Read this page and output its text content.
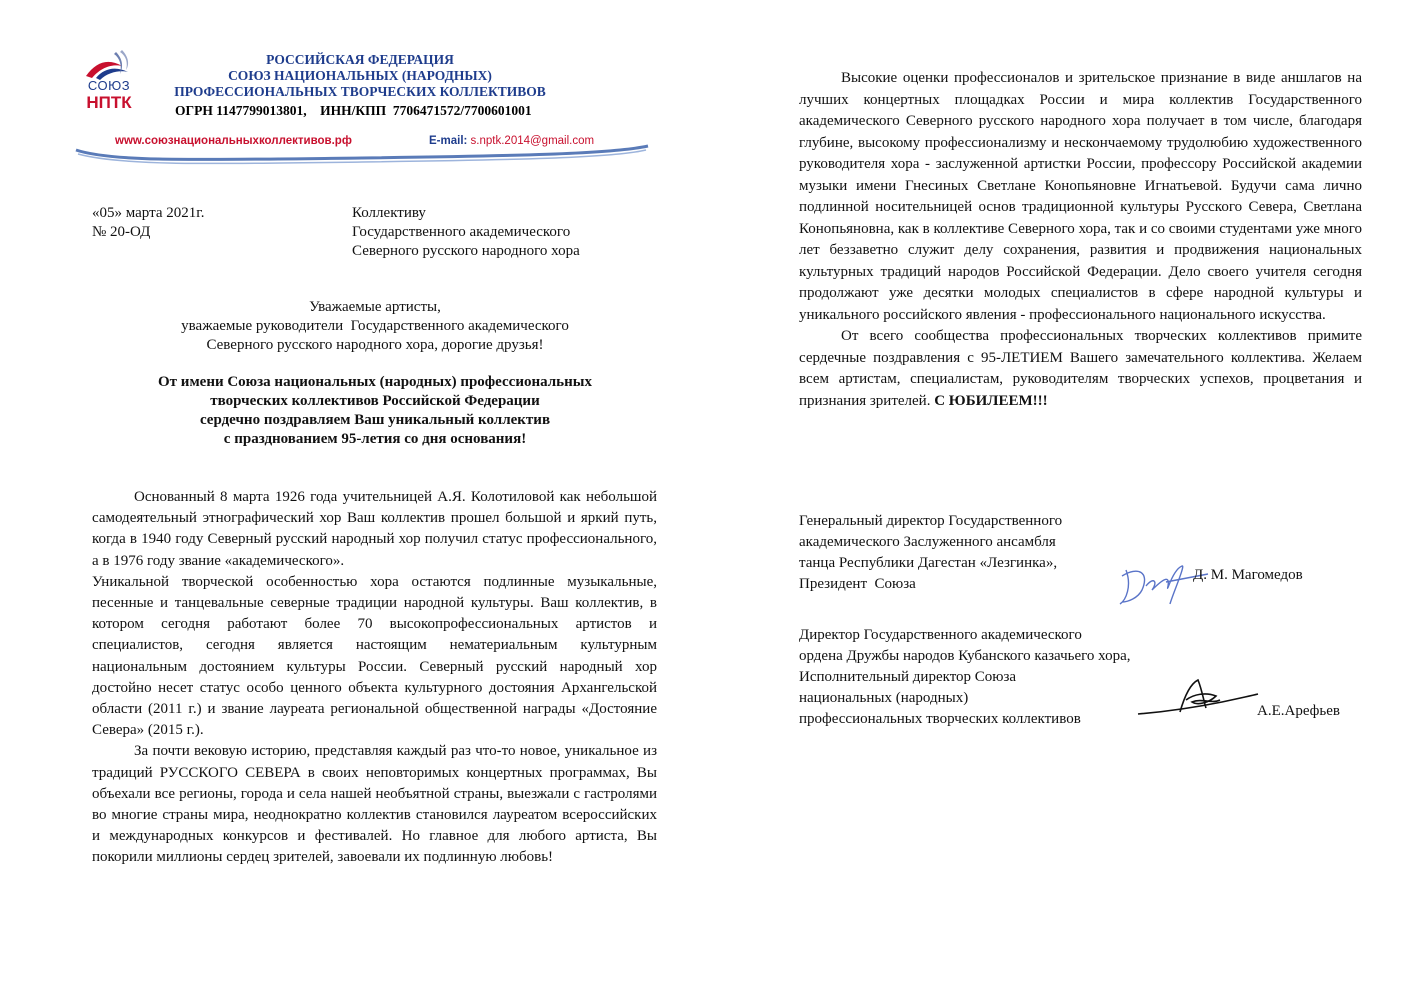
СОЮЗ
НПТК
РОССИЙСКАЯ ФЕДЕРАЦИЯ
СОЮЗ НАЦИОНАЛЬНЫХ (НАРОДНЫХ)
ПРОФЕССИОНАЛЬНЫХ ТВОРЧЕСКИХ КОЛЛЕКТИВОВ
ОГРН 1147799013801,    ИНН/КПП  7706471572/7700601001
www.союзнациональныхколлективов.рф	E-mail: s.nptk.2014@gmail.com
«05» марта 2021г.
№ 20-ОД
Коллективу
Государственного академического
Северного русского народного хора
Уважаемые артисты,
уважаемые руководители  Государственного академического
Северного русского народного хора, дорогие друзья!
От имени Союза национальных (народных) профессиональных
творческих коллективов Российской Федерации
сердечно поздравляем Ваш уникальный коллектив
с празднованием 95-летия со дня основания!

Основанный 8 марта 1926 года учительницей А.Я. Колотиловой как небольшой самодеятельный этнографический хор Ваш коллектив прошел большой и яркий путь, когда в 1940 году Северный русский народный хор получил статус профессионального, а в 1976 году звание «академического».

Уникальной творческой особенностью хора остаются подлинные музыкальные, песенные и танцевальные северные традиции народной культуры. Ваш коллектив, в котором сегодня работают более 70 высокопрофессиональных артистов и специалистов, сегодня является настоящим нематериальным культурным национальным достоянием культуры России. Северный русский народный хор достойно несет статус особо ценного объекта культурного достояния Архангельской области (2011 г.) и звание лауреата региональной общественной награды «Достояние Севера» (2015 г.).

За почти вековую историю, представляя каждый раз что-то новое, уникальное из традиций РУССКОГО СЕВЕРА в своих неповторимых концертных программах, Вы объехали все регионы, города и села нашей необъятной страны, выезжали с гастролями во многие страны мира, неоднократно коллектив становился лауреатом всероссийских и международных конкурсов и фестивалей. Но главное для любого артиста, Вы покорили миллионы сердец зрителей, завоевали их подлинную любовь!

Высокие оценки профессионалов и зрительское признание в виде аншлагов на лучших концертных площадках России и мира коллектив Государственного академического Северного русского народного хора получает в том числе, благодаря глубине, высокому профессионализму и нескончаемому трудолюбию художественного руководителя хора - заслуженной артистки России, профессору Российской академии музыки имени Гнесиных Светлане Конопьяновне Игнатьевой. Будучи сама лично подлинной носительницей основ традиционной культуры Русского Севера, Светлана Конопьяновна, как в коллективе Северного хора, так и со своими студентами уже много лет беззаветно служит делу сохранения, развития и продвижения национальных культурных традиций народов Российской Федерации. Дело своего учителя сегодня продолжают уже десятки молодых специалистов в сфере народной культуры и уникального российского явления - профессионального национального искусства.

От всего сообщества профессиональных творческих коллективов примите сердечные поздравления с 95-ЛЕТИЕМ Вашего замечательного коллектива. Желаем всем артистам, специалистам, руководителям творческих успехов, процветания и признания зрителей. С ЮБИЛЕЕМ!!!

Генеральный директор Государственного
академического Заслуженного ансамбля
танца Республики Дагестан «Лезгинка»,
Президент  Союза
Д. М. Магомедов
Директор Государственного академического
ордена Дружбы народов Кубанского казачьего хора,
Исполнительный директор Союза
национальных (народных)
профессиональных творческих коллективов	А.Е.Арефьев
